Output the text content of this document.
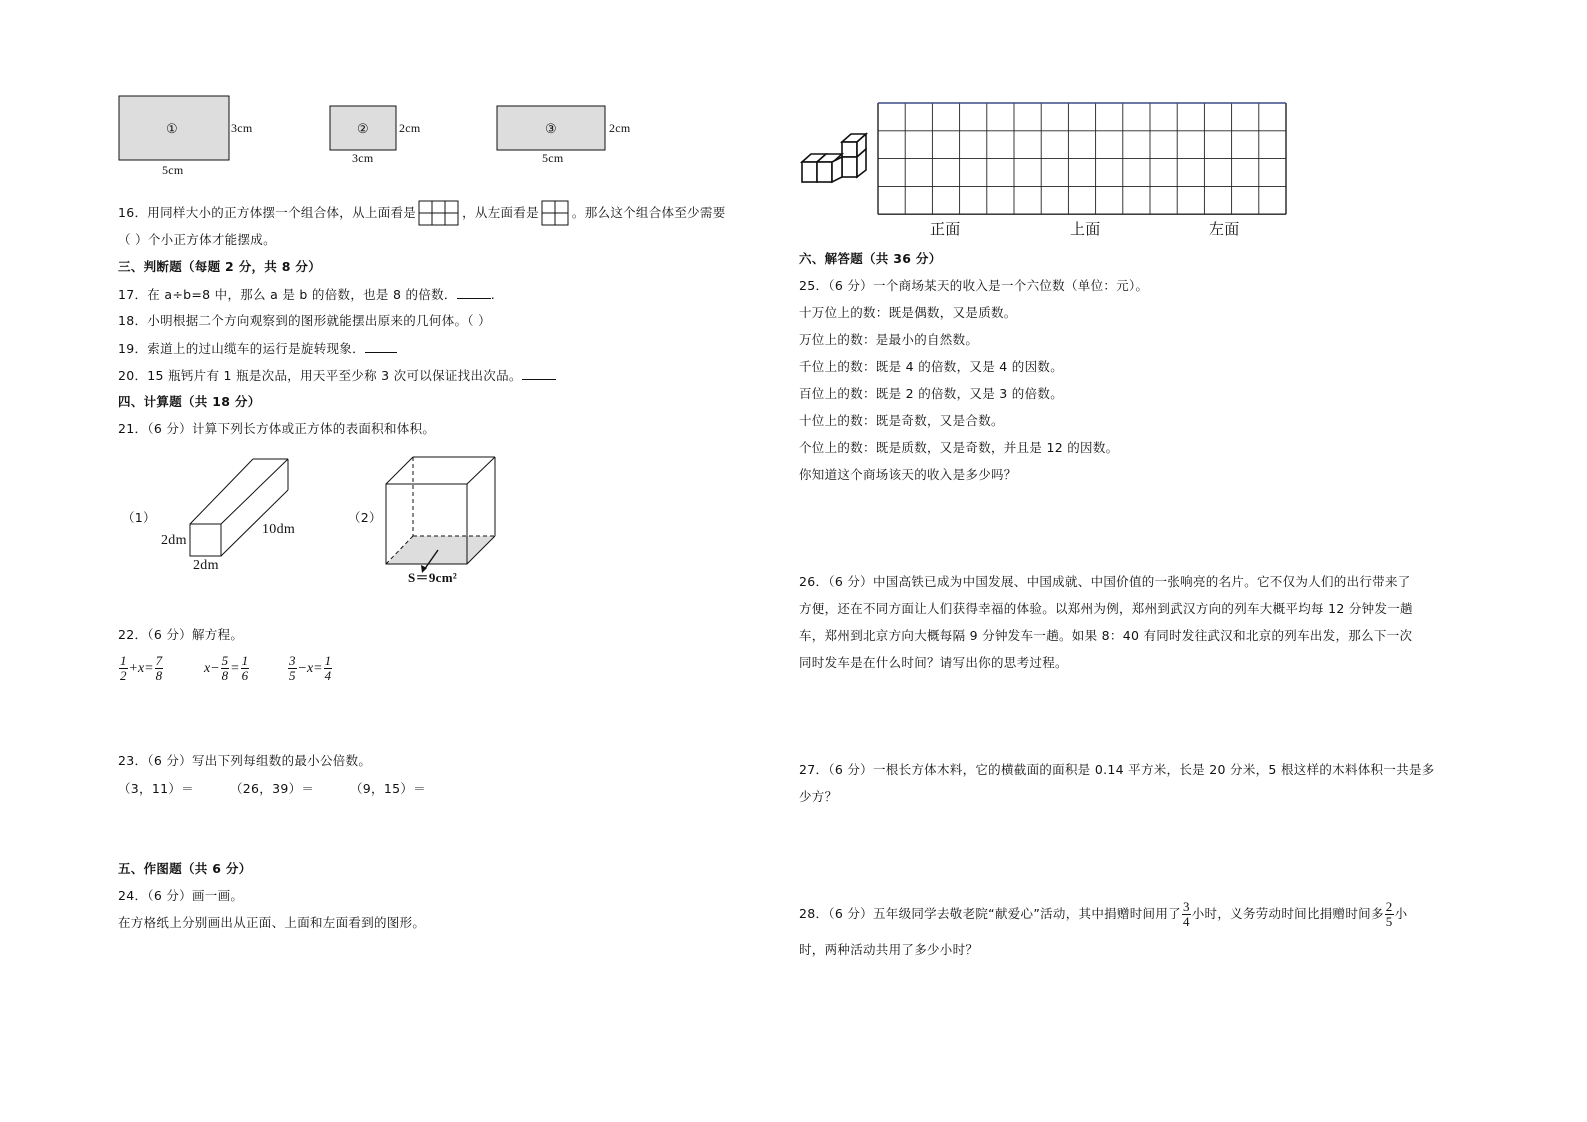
①	3cm
5cm
②	2cm
3cm
③	2cm
5cm
16．用同样大小的正方体摆一个组合体，从上面看是	，从左面看是	。那么这个组合体至少需要
（ ）个小正方体才能摆成。
三、判断题（每题 2 分，共 8 分）
17．在 a÷b=8 中，那么 a 是 b 的倍数，也是 8 的倍数．	.
18．小明根据二个方向观察到的图形就能摆出原来的几何体。（ ）
19．索道上的过山缆车的运行是旋转现象．
20．15 瓶钙片有 1 瓶是次品，用天平至少称 3 次可以保证找出次品。
四、计算题（共 18 分）
21．（6 分）计算下列长方体或正方体的表面积和体积。
（1）
2dm
2dm
10dm
（2）
S＝9cm²
22．（6 分）解方程。
$\frac{1}{2} +x= \frac{7}{8}$	$x- \frac{5}{8} = \frac{1}{6}$	$\frac{3}{5} -x= \frac{1}{4}$
23．（6 分）写出下列每组数的最小公倍数。
（3，11）＝	（26，39）＝	（9，15）＝
五、作图题（共 6 分）
24．（6 分）画一画。
在方格纸上分别画出从正面、上面和左面看到的图形。
正面	上面	左面
六、解答题（共 36 分）
25．（6 分）一个商场某天的收入是一个六位数（单位：元）。
十万位上的数：既是偶数，又是质数。
万位上的数：是最小的自然数。
千位上的数：既是 4 的倍数，又是 4 的因数。
百位上的数：既是 2 的倍数，又是 3 的倍数。
十位上的数：既是奇数，又是合数。
个位上的数：既是质数，又是奇数，并且是 12 的因数。
你知道这个商场该天的收入是多少吗？
26．（6 分）中国高铁已成为中国发展、中国成就、中国价值的一张响亮的名片。它不仅为人们的出行带来了
方便，还在不同方面让人们获得幸福的体验。以郑州为例，郑州到武汉方向的列车大概平均每 12 分钟发一趟
车，郑州到北京方向大概每隔 9 分钟发车一趟。如果 8：40 有同时发往武汉和北京的列车出发，那么下一次
同时发车是在什么时间？请写出你的思考过程。
27．（6 分）一根长方体木料，它的横截面的面积是 0.14 平方米，长是 20 分米，5 根这样的木料体积一共是多
少方？
28．（6 分）五年级同学去敬老院“献爱心”活动，其中捐赠时间用了 $\frac{3}{4}$ 小时，义务劳动时间比捐赠时间多 $\frac{2}{5}$ 小
时，两种活动共用了多少小时？
